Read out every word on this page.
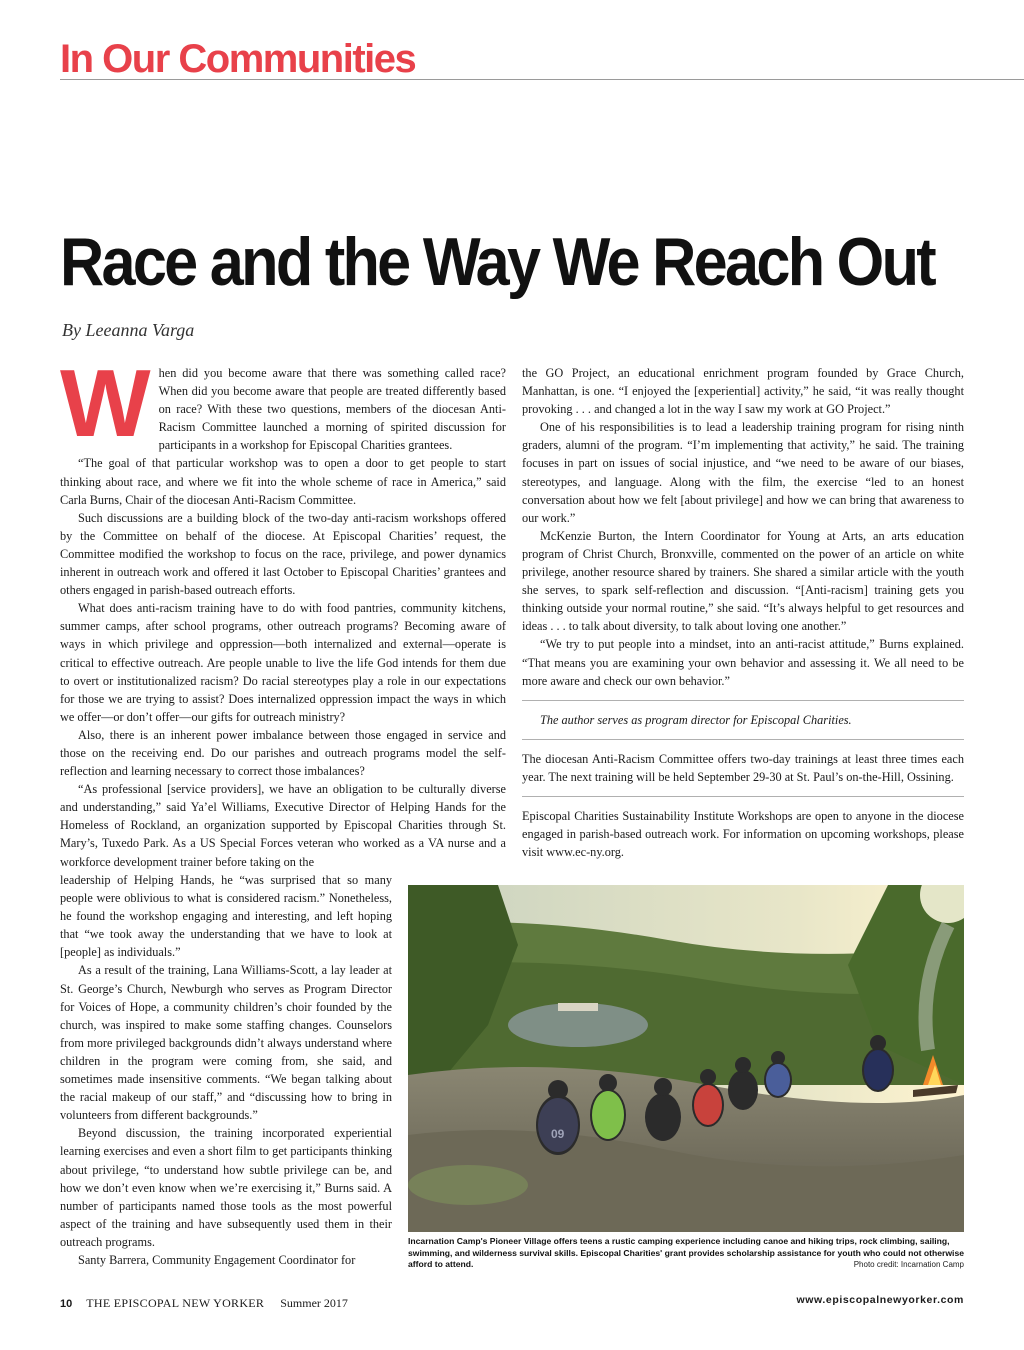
In Our Communities
Race and the Way We Reach Out
By Leeanna Varga
W hen did you become aware that there was something called race? When did you become aware that people are treated differently based on race? With these two questions, members of the diocesan Anti-Racism Committee launched a morning of spirited discussion for participants in a workshop for Episcopal Charities grantees.

“The goal of that particular workshop was to open a door to get people to start thinking about race, and where we fit into the whole scheme of race in America,” said Carla Burns, Chair of the diocesan Anti-Racism Committee.

Such discussions are a building block of the two-day anti-racism workshops offered by the Committee on behalf of the diocese. At Episcopal Charities’ request, the Committee modified the workshop to focus on the race, privilege, and power dynamics inherent in outreach work and offered it last October to Episcopal Charities’ grantees and others engaged in parish-based outreach efforts.

What does anti-racism training have to do with food pantries, community kitchens, summer camps, after school programs, other outreach programs? Becoming aware of ways in which privilege and oppression—both internalized and external—operate is critical to effective outreach. Are people unable to live the life God intends for them due to overt or institutionalized racism? Do racial stereotypes play a role in our expectations for those we are trying to assist? Does internalized oppression impact the ways in which we offer—or don’t offer—our gifts for outreach ministry?

Also, there is an inherent power imbalance between those engaged in service and those on the receiving end. Do our parishes and outreach programs model the self-reflection and learning necessary to correct those imbalances?

“As professional [service providers], we have an obligation to be culturally diverse and understanding,” said Ya’el Williams, Executive Director of Helping Hands for the Homeless of Rockland, an organization supported by Episcopal Charities through St. Mary’s, Tuxedo Park. As a US Special Forces veteran who worked as a VA nurse and a workforce development trainer before taking on the

leadership of Helping Hands, he “was surprised that so many people were oblivious to what is considered racism.” Nonetheless, he found the workshop engaging and interesting, and left hoping that “we took away the understanding that we have to look at [people] as individuals.”

As a result of the training, Lana Williams-Scott, a lay leader at St. George’s Church, Newburgh who serves as Program Director for Voices of Hope, a community children’s choir founded by the church, was inspired to make some staffing changes. Counselors from more privileged backgrounds didn’t always understand where children in the program were coming from, she said, and sometimes made insensitive comments. “We began talking about the racial makeup of our staff,” and “discussing how to bring in volunteers from different backgrounds.”

Beyond discussion, the training incorporated experiential learning exercises and even a short film to get participants thinking about privilege, “to understand how subtle privilege can be, and how we don’t even know when we’re exercising it,” Burns said. A number of participants named those tools as the most powerful aspect of the training and have subsequently used them in their outreach programs.

Santy Barrera, Community Engagement Coordinator for

the GO Project, an educational enrichment program founded by Grace Church, Manhattan, is one. “I enjoyed the [experiential] activity,” he said, “it was really thought provoking . . . and changed a lot in the way I saw my work at GO Project.”

One of his responsibilities is to lead a leadership training program for rising ninth graders, alumni of the program. “I’m implementing that activity,” he said. The training focuses in part on issues of social injustice, and “we need to be aware of our biases, stereotypes, and language. Along with the film, the exercise “led to an honest conversation about how we felt [about privilege] and how we can bring that awareness to our work.”

McKenzie Burton, the Intern Coordinator for Young at Arts, an arts education program of Christ Church, Bronxville, commented on the power of an article on white privilege, another resource shared by trainers. She shared a similar article with the youth she serves, to spark self-reflection and discussion. “[Anti-racism] training gets you thinking outside your normal routine,” she said. “It’s always helpful to get resources and ideas . . . to talk about diversity, to talk about loving one another.”

“We try to put people into a mindset, into an anti-racist attitude,” Burns explained. “That means you are examining your own behavior and assessing it. We all need to be more aware and check our own behavior.”

The author serves as program director for Episcopal Charities.

The diocesan Anti-Racism Committee offers two-day trainings at least three times each year. The next training will be held September 29-30 at St. Paul’s on-the-Hill, Ossining.

Episcopal Charities Sustainability Institute Workshops are open to anyone in the diocese engaged in parish-based outreach work. For information on upcoming workshops, please visit www.ec-ny.org.

09
Incarnation Camp's Pioneer Village offers teens a rustic camping experience including canoe and hiking trips, rock climbing, sailing, swimming, and wilderness survival skills. Episcopal Charities' grant provides scholarship assistance for youth who could not otherwise afford to attend.	Photo credit: Incarnation Camp
10 THE EPISCOPAL NEW YORKER Summer 2017	www.episcopalnewyorker.com
